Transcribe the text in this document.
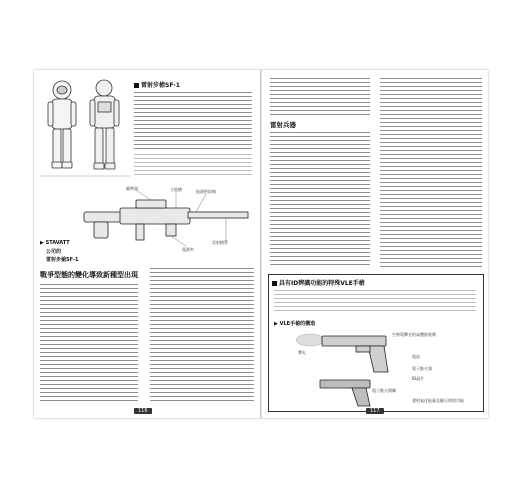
雷射步槍SF-1
瞄準器	主能槽	能源供給線
雷射槍管
電源夾
▶ STAVATT
公司的
雷射步槍SF-1
戰爭型態的變化導致新種型出現
116
雷射兵器
具有ID辨識功能的特殊VLE手槍
▶ VLE手槍的構造
生物電擊光的氣體推進劑
彈丸
電池
電子點火器
ID晶片
電子點火開關
發射氣化能量及顯示辨別功能
117
